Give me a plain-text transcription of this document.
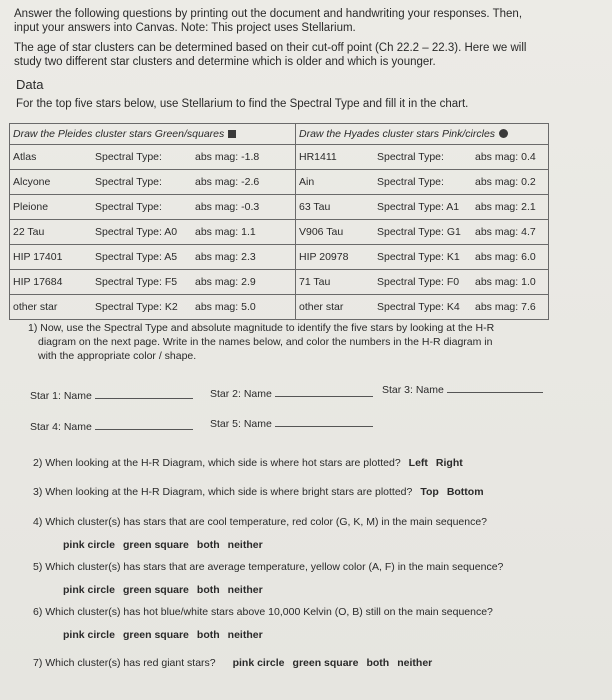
Answer the following questions by printing out the document and handwriting your responses. Then,
input your answers into Canvas. Note: This project uses Stellarium.
The age of star clusters can be determined based on their cut-off point (Ch 22.2 – 22.3). Here we will
study two different star clusters and determine which is older and which is younger.
Data
For the top five stars below, use Stellarium to find the Spectral Type and fill it in the chart.
Draw the Pleides cluster stars Green/squares	Draw the Hyades cluster stars Pink/circles
Atlas Spectral Type: abs mag: -1.8	HR1411 Spectral Type: abs mag: 0.4
Alcyone Spectral Type: abs mag: -2.6	Ain Spectral Type: abs mag: 0.2
Pleione Spectral Type: abs mag: -0.3	63 Tau Spectral Type: A1 abs mag: 2.1
22 Tau Spectral Type: A0 abs mag: 1.1	V906 Tau Spectral Type: G1 abs mag: 4.7
HIP 17401 Spectral Type: A5 abs mag: 2.3	HIP 20978 Spectral Type: K1 abs mag: 6.0
HIP 17684 Spectral Type: F5 abs mag: 2.9	71 Tau Spectral Type: F0 abs mag: 1.0
other star Spectral Type: K2 abs mag: 5.0	other star Spectral Type: K4 abs mag: 7.6
1) Now, use the Spectral Type and absolute magnitude to identify the five stars by looking at the H-R
diagram on the next page. Write in the names below, and color the numbers in the H-R diagram in
with the appropriate color / shape.
Star 1: Name	Star 2: Name	Star 3: Name
Star 4: Name	Star 5: Name
2) When looking at the H-R Diagram, which side is where hot stars are plotted? Left Right
3) When looking at the H-R Diagram, which side is where bright stars are plotted? Top Bottom
4) Which cluster(s) has stars that are cool temperature, red color (G, K, M) in the main sequence?
pink circle green square both neither
5) Which cluster(s) has stars that are average temperature, yellow color (A, F) in the main sequence?
pink circle green square both neither
6) Which cluster(s) has hot blue/white stars above 10,000 Kelvin (O, B) still on the main sequence?
pink circle green square both neither
7) Which cluster(s) has red giant stars? pink circle green square both neither
